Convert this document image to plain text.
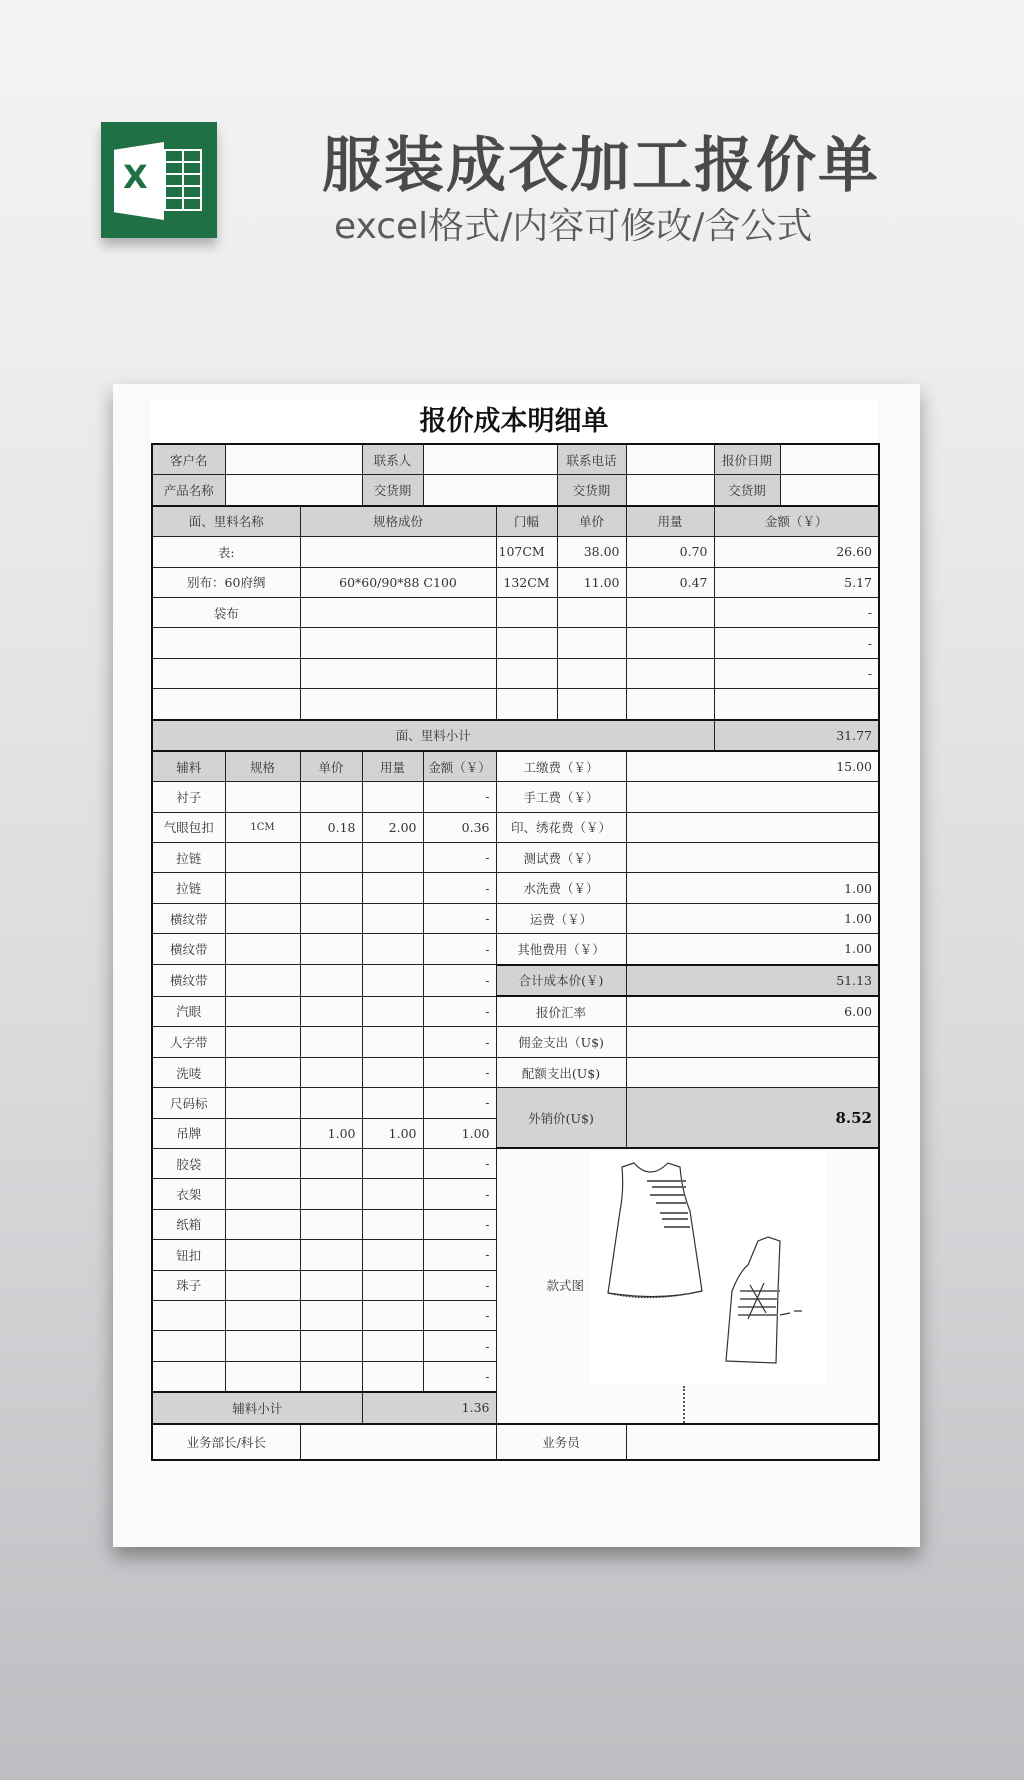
X	服装成衣加工报价单
excel格式/内容可修改/含公式
报价成本明细单
客户名			联系人			联系电话		报价日期	
产品名称			交货期			交货期		交货期	
面、里料名称		规格成份			门幅	单价	用量	金额（￥）	
表:					107CM	38.00	0.70	26.60	
别布：60府绸		60*60/90*88 C100			132CM	11.00	0.47	5.17	
袋布								-	
								-	
								-	

面、里料小计								31.77	
辅料	规格	单价	用量	金额（￥）	工缴费（￥）		15.00		
衬子				-	手工费（￥）				
气眼包扣	1CM	0.18	2.00	0.36	印、绣花费（￥）				
拉链				-	测试费（￥）				
拉链				-	水洗费（￥）		1.00		
横纹带				-	运费（￥）		1.00		
横纹带				-	其他费用（￥）		1.00		
横纹带				-	合计成本价(￥)		51.13		
汽眼				-	报价汇率		6.00		
人字带				-	佣金支出（U$)				
洗唛				-	配额支出(U$)				
尺码标				-	外销价(U$)		8.52		
吊牌		1.00	1.00	1.00					
胶袋				-	款式图				

衣架				-					
纸箱				-					
钮扣				-					
珠子				-					
				-					
				-					
				-					
辅料小计			1.36						
业务部长/科长					业务员				
